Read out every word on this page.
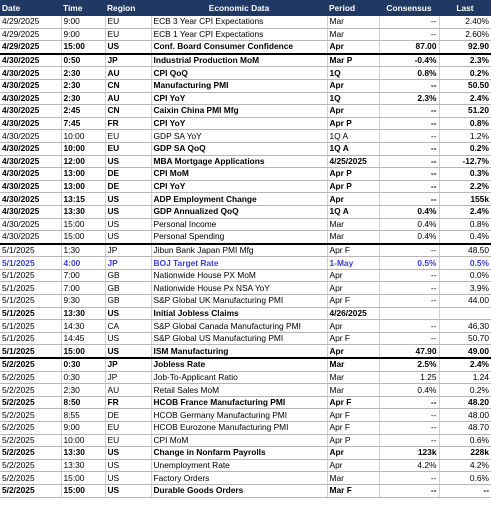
Date	Time	Region	Economic Data	Period	Consensus	Last
4/29/2025	9:00	EU	ECB 3 Year CPI Expectations	Mar	--	2.40%
4/29/2025	9:00	EU	ECB 1 Year CPI Expectations	Mar	--	2.60%
4/29/2025	15:00	US	Conf. Board Consumer Confidence	Apr	87.00	92.90
4/30/2025	0:50	JP	Industrial Production MoM	Mar P	-0.4%	2.3%
4/30/2025	2:30	AU	CPI QoQ	1Q	0.8%	0.2%
4/30/2025	2:30	CN	Manufacturing PMI	Apr	--	50.50
4/30/2025	2:30	AU	CPI YoY	1Q	2.3%	2.4%
4/30/2025	2:45	CN	Caixin China PMI Mfg	Apr	--	51.20
4/30/2025	7:45	FR	CPI YoY	Apr P	--	0.8%
4/30/2025	10:00	EU	GDP SA YoY	1Q A	--	1.2%
4/30/2025	10:00	EU	GDP SA QoQ	1Q A	--	0.2%
4/30/2025	12:00	US	MBA Mortgage Applications	4/25/2025	--	-12.7%
4/30/2025	13:00	DE	CPI MoM	Apr P	--	0.3%
4/30/2025	13:00	DE	CPI YoY	Apr P	--	2.2%
4/30/2025	13:15	US	ADP Employment Change	Apr	--	155k
4/30/2025	13:30	US	GDP Annualized QoQ	1Q A	0.4%	2.4%
4/30/2025	15:00	US	Personal Income	Mar	0.4%	0.8%
4/30/2025	15:00	US	Personal Spending	Mar	0.4%	0.4%
5/1/2025	1:30	JP	Jibun Bank Japan PMI Mfg	Apr F	--	48.50
5/1/2025	4:00	JP	BOJ Target Rate	1-May	0.5%	0.5%
5/1/2025	7:00	GB	Nationwide House PX MoM	Apr	--	0.0%
5/1/2025	7:00	GB	Nationwide House Px NSA YoY	Apr	--	3.9%
5/1/2025	9:30	GB	S&P Global UK Manufacturing PMI	Apr F	--	44.00
5/1/2025	13:30	US	Initial Jobless Claims	4/26/2025		
5/1/2025	14:30	CA	S&P Global Canada Manufacturing PMI	Apr	--	46.30
5/1/2025	14:45	US	S&P Global US Manufacturing PMI	Apr F	--	50.70
5/1/2025	15:00	US	ISM Manufacturing	Apr	47.90	49.00
5/2/2025	0:30	JP	Jobless Rate	Mar	2.5%	2.4%
5/2/2025	0:30	JP	Job-To-Applicant Ratio	Mar	1.25	1.24
5/2/2025	2:30	AU	Retail Sales MoM	Mar	0.4%	0.2%
5/2/2025	8:50	FR	HCOB France Manufacturing PMI	Apr F	--	48.20
5/2/2025	8:55	DE	HCOB Germany Manufacturing PMI	Apr F	--	48.00
5/2/2025	9:00	EU	HCOB Eurozone Manufacturing PMI	Apr F	--	48.70
5/2/2025	10:00	EU	CPI MoM	Apr P	--	0.6%
5/2/2025	13:30	US	Change in Nonfarm Payrolls	Apr	123k	228k
5/2/2025	13:30	US	Unemployment Rate	Apr	4.2%	4.2%
5/2/2025	15:00	US	Factory Orders	Mar	--	0.6%
5/2/2025	15:00	US	Durable Goods Orders	Mar F	--	--
